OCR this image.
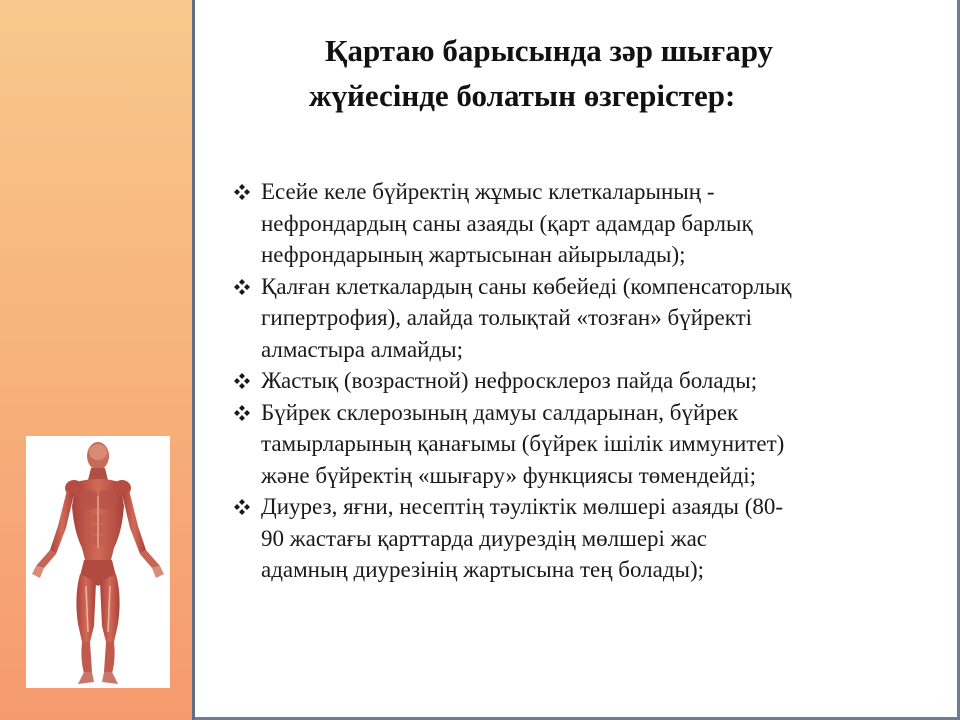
Қартаю барысында зәр шығару
жүйесінде болатын өзгерістер:
Есейе келе бүйректің жұмыс клеткаларының -
нефрондардың саны азаяды (қарт адамдар барлық
нефрондарының жартысынан айырылады);
Қалған клеткалардың саны көбейеді (компенсаторлық
гипертрофия), алайда толықтай «тозған» бүйректі
алмастыра алмайды;
Жастық (возрастной) нефросклероз пайда болады;
Бүйрек склерозының дамуы салдарынан, бүйрек
тамырларының қанағымы (бүйрек ішілік иммунитет)
және бүйректің «шығару» функциясы төмендейді;
Диурез, яғни, несептің тәуліктік мөлшері азаяды (80-
90 жастағы қарттарда диурездің мөлшері жас
адамның диурезінің жартысына тең болады);
